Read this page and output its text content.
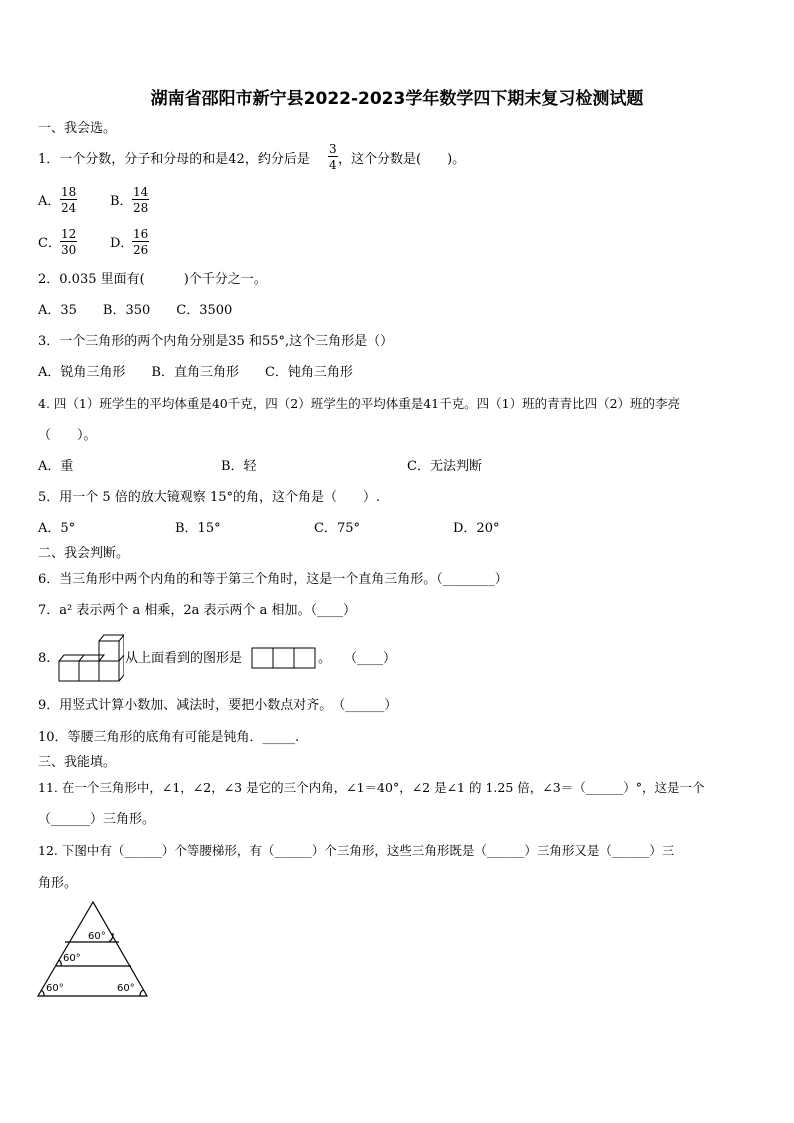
湖南省邵阳市新宁县2022-2023学年数学四下期末复习检测试题
一、我会选。
1．一个分数，分子和分母的和是42，约分后是 $\frac{3}{4}$ ，这个分数是(　　)。
A． $\frac{18}{24}$	B． $\frac{14}{28}$
C． $\frac{12}{30}$	D．
$\frac{16}{26}$
2．0.035 里面有(　　　)个千分之一。
A．35　　B．350　　C．3500
3．一个三角形的两个内角分别是35 和55°,这个三角形是（）
A．锐角三角形　　B．直角三角形　　C．钝角三角形
4. 四（1）班学生的平均体重是40千克，四（2）班学生的平均体重是41千克。四（1）班的青青比四（2）班的李亮
（　　）。
A．重	B．轻	C．无法判断
5．用一个 5 倍的放大镜观察 15°的角，这个角是（　　）.
A．5°	B．15°	C．75°	D．20°
二、我会判断。
6．当三角形中两个内角的和等于第三个角时，这是一个直角三角形。（________）
7．a² 表示两个 a 相乘，2a 表示两个 a 相加。（____）
8.	从上面看到的图形是	。　　（____）
9．用竖式计算小数加、减法时，要把小数点对齐。　（______）
10．等腰三角形的底角有可能是钝角．_____.
三、我能填。
11. 在一个三角形中，∠1，∠2，∠3 是它的三个内角，∠1＝40°，∠2 是∠1 的 1.25 倍，∠3＝（______）°，这是一个
（______）三角形。
12. 下图中有（______）个等腰梯形，有（______）个三角形，这些三角形既是（______）三角形又是（______）三
角形。
60°
60°
60°	60°
